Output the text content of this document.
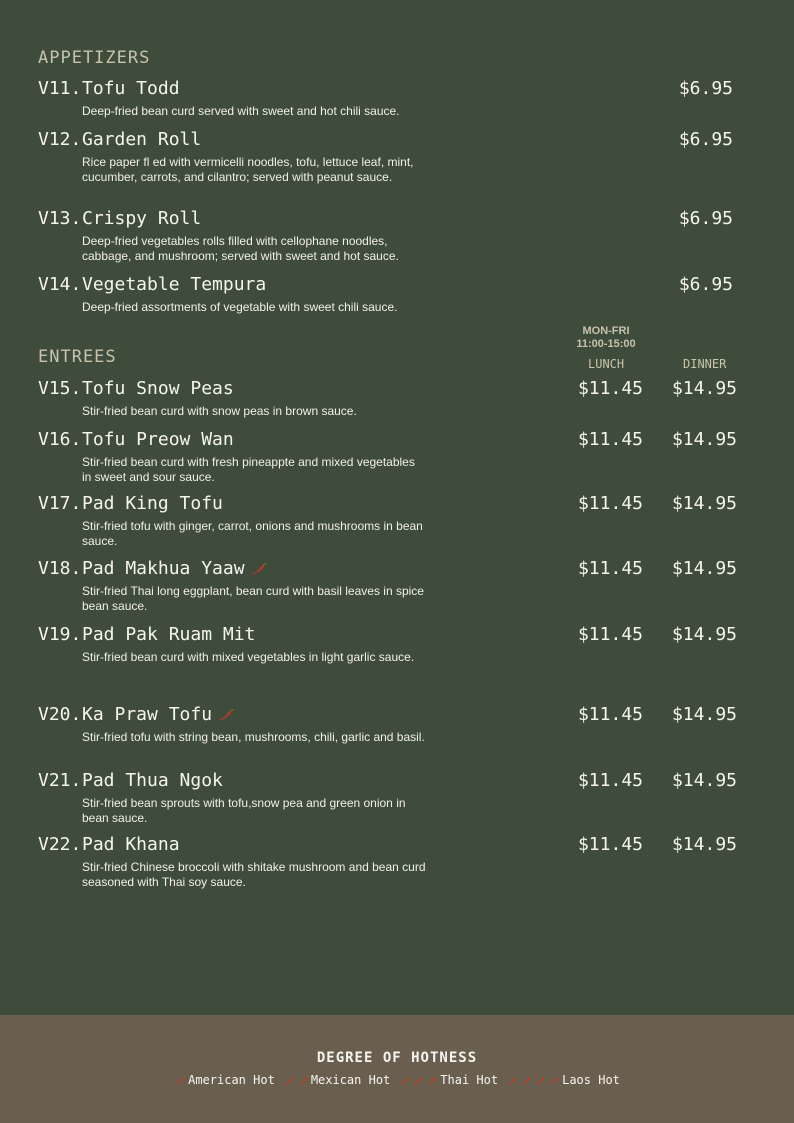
APPETIZERS
V11. Tofu Todd
Deep-fried bean curd served with sweet and hot chili sauce.
$6.95
V12. Garden Roll
Rice paper fl ed with vermicelli noodles, tofu, lettuce leaf, mint, cucumber, carrots, and cilantro; served with peanut sauce.
$6.95
V13. Crispy Roll
Deep-fried vegetables rolls filled with cellophane noodles, cabbage, and mushroom; served with sweet and hot sauce.
$6.95
V14. Vegetable Tempura
Deep-fried assortments of vegetable with sweet chili sauce.
$6.95
MON-FRI
11:00-15:00
LUNCH	DINNER
ENTREES
V15. Tofu Snow Peas
Stir-fried bean curd with snow peas in brown sauce.
$11.45	$14.95
V16. Tofu Preow Wan
Stir-fried bean curd with fresh pineappte and mixed vegetables in sweet and sour sauce.
$11.45	$14.95
V17. Pad King Tofu
Stir-fried tofu with ginger, carrot, onions and mushrooms in bean sauce.
$11.45	$14.95
V18. Pad Makhua Yaaw
Stir-fried Thai long eggplant, bean curd with basil leaves in spice bean sauce.
$11.45	$14.95
V19. Pad Pak Ruam Mit
Stir-fried bean curd with mixed vegetables in light garlic sauce.
$11.45	$14.95
V20. Ka Praw Tofu
Stir-fried tofu with string bean, mushrooms, chili, garlic and basil.
$11.45	$14.95
V21. Pad Thua Ngok
Stir-fried bean sprouts with tofu,snow pea and green onion in bean sauce.
$11.45	$14.95
V22. Pad Khana
Stir-fried Chinese broccoli with shitake mushroom and bean curd seasoned with Thai soy sauce.
$11.45	$14.95
DEGREE OF HOTNESS
American Hot	Mexican Hot	Thai Hot	Laos Hot
